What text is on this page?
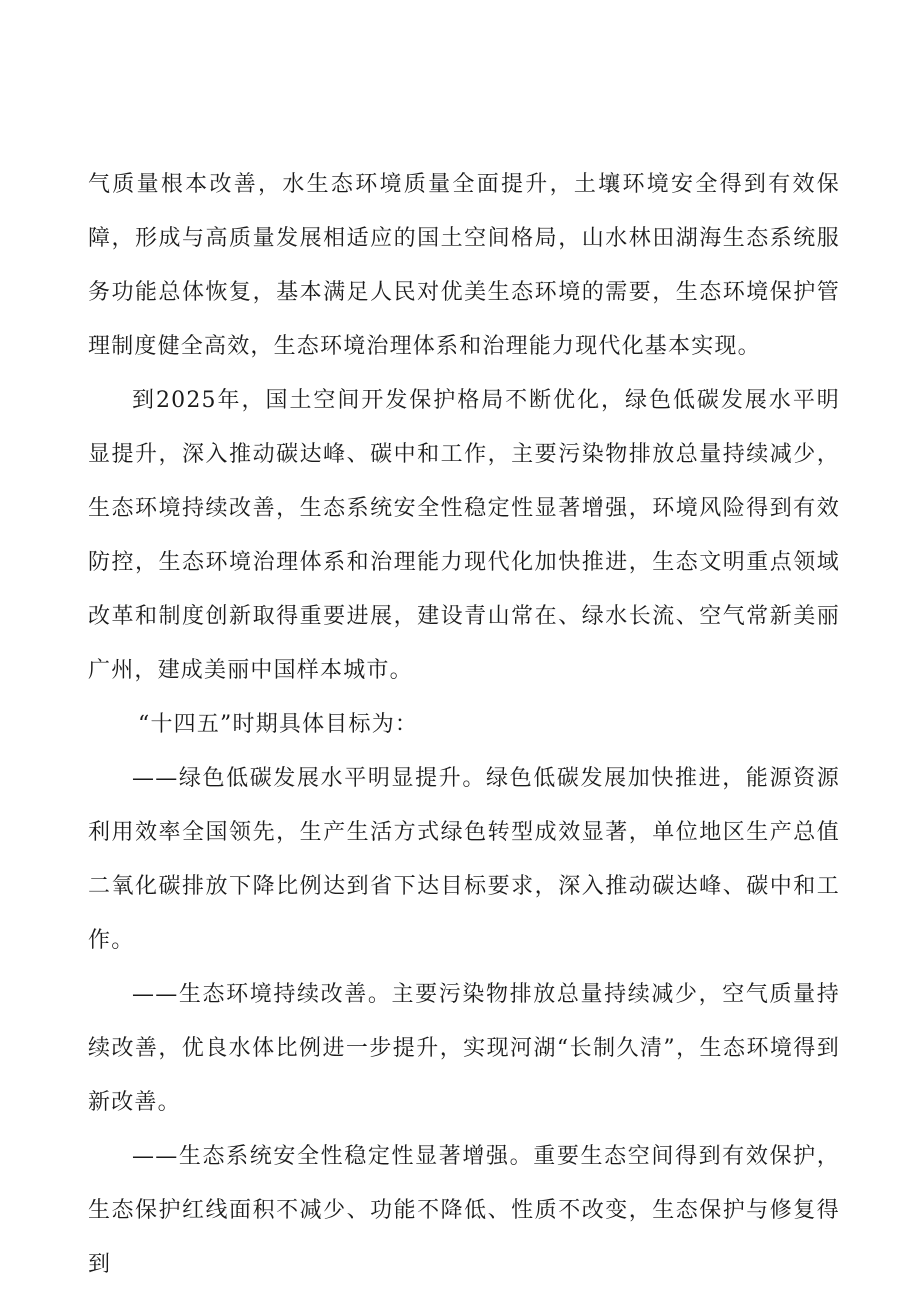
气质量根本改善，水生态环境质量全面提升，土壤环境安全得到有效保障，形成与高质量发展相适应的国土空间格局，山水林田湖海生态系统服务功能总体恢复，基本满足人民对优美生态环境的需要，生态环境保护管理制度健全高效，生态环境治理体系和治理能力现代化基本实现。

到2025年，国土空间开发保护格局不断优化，绿色低碳发展水平明显提升，深入推动碳达峰、碳中和工作，主要污染物排放总量持续减少，生态环境持续改善，生态系统安全性稳定性显著增强，环境风险得到有效防控，生态环境治理体系和治理能力现代化加快推进，生态文明重点领域改革和制度创新取得重要进展，建设青山常在、绿水长流、空气常新美丽广州，建成美丽中国样本城市。

“十四五”时期具体目标为：

——绿色低碳发展水平明显提升。绿色低碳发展加快推进，能源资源利用效率全国领先，生产生活方式绿色转型成效显著，单位地区生产总值二氧化碳排放下降比例达到省下达目标要求，深入推动碳达峰、碳中和工作。

——生态环境持续改善。主要污染物排放总量持续减少，空气质量持续改善，优良水体比例进一步提升，实现河湖“长制久清”，生态环境得到新改善。

——生态系统安全性稳定性显著增强。重要生态空间得到有效保护，生态保护红线面积不减少、功能不降低、性质不改变，生态保护与修复得到
